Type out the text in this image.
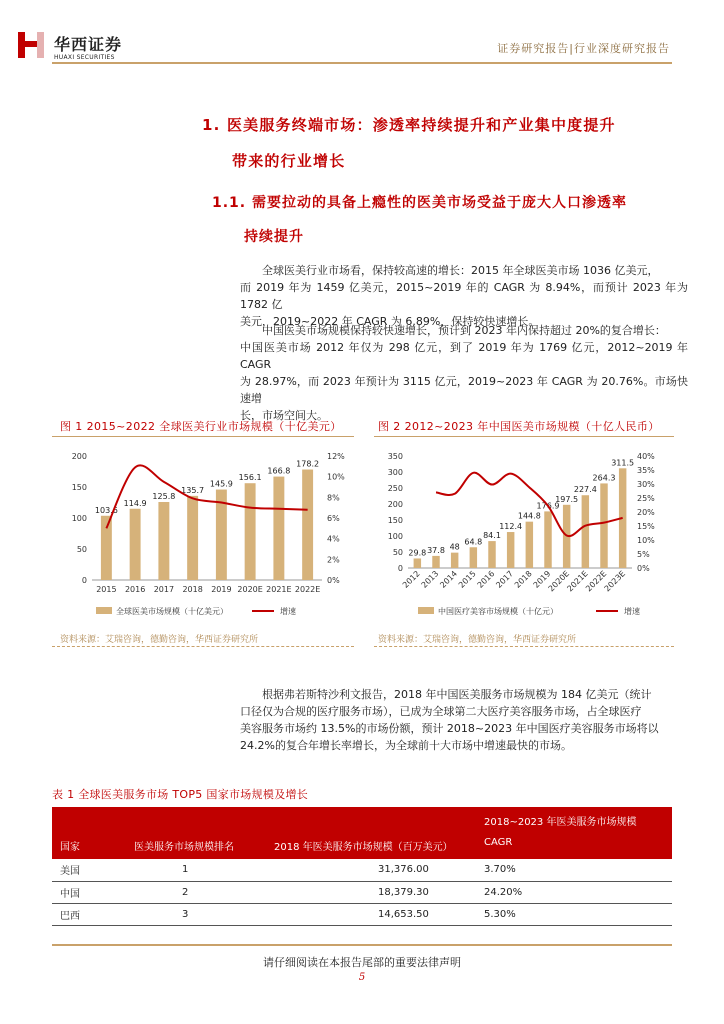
华西证券
HUAXI SECURITIES
证券研究报告|行业深度研究报告
1. 医美服务终端市场：渗透率持续提升和产业集中度提升
带来的行业增长
1.1. 需要拉动的具备上瘾性的医美市场受益于庞大人口渗透率
持续提升
全球医美行业市场看，保持较高速的增长：2015 年全球医美市场 1036 亿美元，
而 2019 年为 1459 亿美元，2015~2019 年的 CAGR 为 8.94%，而预计 2023 年为 1782 亿
美元，2019~2022 年 CAGR 为 6.89%，保持较快速增长。
中国医美市场规模保持较快速增长，预计到 2023 年内保持超过 20%的复合增长：
中国医美市场 2012 年仅为 298 亿元，到了 2019 年为 1769 亿元，2012~2019 年 CAGR
为 28.97%，而 2023 年预计为 3115 亿元，2019~2023 年 CAGR 为 20.76%。市场快速增
长，市场空间大。
图 1 2015~2022 全球医美行业市场规模（十亿美元）
0
50
100
150
200
0%
2%
4%
6%
8%
10%
12%
103.6
114.9
125.8
135.7
145.9
156.1
166.8
178.2
2015 2016 2017 2018 2019 2020E 2021E 2022E
全球医美市场规模（十亿美元）	增速
资料来源：艾瑞咨询，德勤咨询，华西证券研究所
图 2 2012~2023 年中国医美市场规模（十亿人民币）
0
50
100
150
200
250
300
350
0%
5%
10%
15%
20%
25%
30%
35%
40%
29.8 37.8 48
64.8
84.1
112.4
144.8
176.9
197.5
227.4
264.3
311.5
2012
2013
2014
2015
2016
2017
2018
2019
2020E
2021E
2022E
2023E
中国医疗美容市场规模（十亿元）	增速
资料来源：艾瑞咨询，德勤咨询，华西证券研究所
根据弗若斯特沙利文报告，2018 年中国医美服务市场规模为 184 亿美元（统计
口径仅为合规的医疗服务市场），已成为全球第二大医疗美容服务市场，占全球医疗
美容服务市场约 13.5%的市场份额，预计 2018~2023 年中国医疗美容服务市场将以
24.2%的复合年增长率增长，为全球前十大市场中增速最快的市场。
表 1 全球医美服务市场 TOP5 国家市场规模及增长
国家	医美服务市场规模排名	2018 年医美服务市场规模（百万美元）	2018~2023 年医美服务市场规模
CAGR

美国	1	31,376.00	3.70%
中国	2	18,379.30	24.20%
巴西	3	14,653.50	5.30%
请仔细阅读在本报告尾部的重要法律声明
5
